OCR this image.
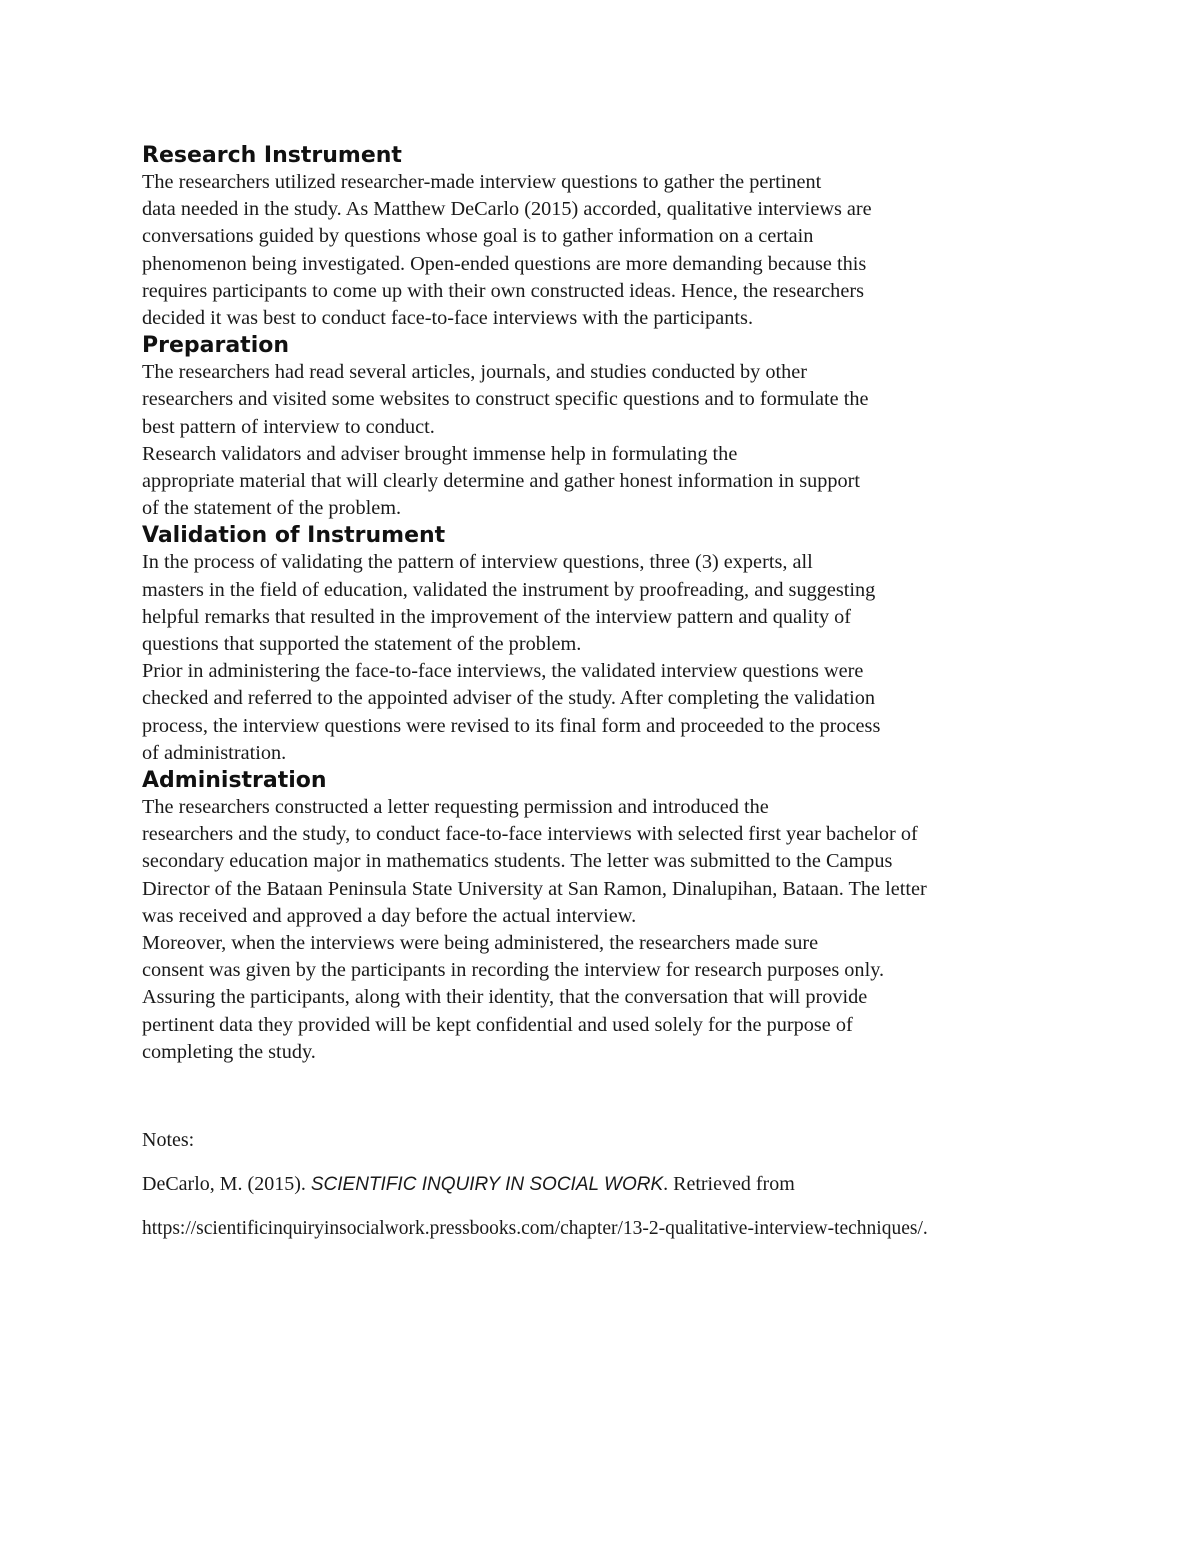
Research Instrument

The researchers utilized researcher-made interview questions to gather the pertinent

data needed in the study. As Matthew DeCarlo (2015) accorded, qualitative interviews are

conversations guided by questions whose goal is to gather information on a certain

phenomenon being investigated. Open-ended questions are more demanding because this

requires participants to come up with their own constructed ideas. Hence, the researchers

decided it was best to conduct face-to-face interviews with the participants.

Preparation

The researchers had read several articles, journals, and studies conducted by other

researchers and visited some websites to construct specific questions and to formulate the

best pattern of interview to conduct.

Research validators and adviser brought immense help in formulating the

appropriate material that will clearly determine and gather honest information in support

of the statement of the problem.

Validation of Instrument

In the process of validating the pattern of interview questions, three (3) experts, all

masters in the field of education, validated the instrument by proofreading, and suggesting

helpful remarks that resulted in the improvement of the interview pattern and quality of

questions that supported the statement of the problem.

Prior in administering the face-to-face interviews, the validated interview questions were

checked and referred to the appointed adviser of the study. After completing the validation

process, the interview questions were revised to its final form and proceeded to the process

of administration.

Administration

The researchers constructed a letter requesting permission and introduced the

researchers and the study, to conduct face-to-face interviews with selected first year bachelor of

secondary education major in mathematics students. The letter was submitted to the Campus

Director of the Bataan Peninsula State University at San Ramon, Dinalupihan, Bataan. The letter

was received and approved a day before the actual interview.

Moreover, when the interviews were being administered, the researchers made sure

consent was given by the participants in recording the interview for research purposes only.

Assuring the participants, along with their identity, that the conversation that will provide

pertinent data they provided will be kept confidential and used solely for the purpose of

completing the study.

Notes:

DeCarlo, M. (2015). SCIENTIFIC INQUIRY IN SOCIAL WORK. Retrieved from

https://scientificinquiryinsocialwork.pressbooks.com/chapter/13-2-qualitative-interview-techniques/.
